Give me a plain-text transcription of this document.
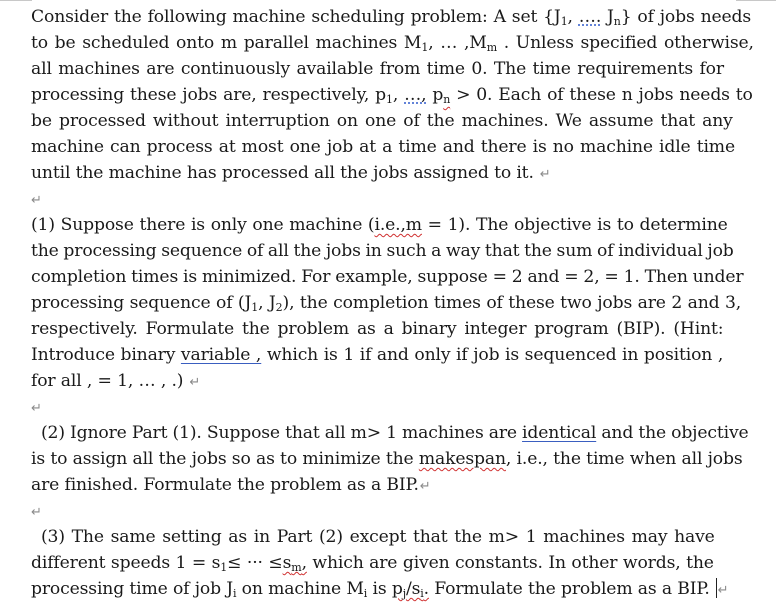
Consider the following machine scheduling problem: A set {$J_1$, …. $J_n$} of jobs needs
to be scheduled onto m parallel machines $M_1$, … $,M_m$ . Unless specified otherwise,
all machines are continuously available from time 0. The time requirements for
processing these jobs are, respectively, $p_1$, …, $p_n > 0$. Each of these n jobs needs to
be processed without interruption on one of the machines. We assume that any
machine can process at most one job at a time and there is no machine idle time
until the machine has processed all the jobs assigned to it. ↵
↵
(1) Suppose there is only one machine (i.e.,m = 1). The objective is to determine
the processing sequence of all the jobs in such a way that the sum of individual job
completion times is minimized. For example, suppose = 2 and = 2, = 1. Then under
processing sequence of ($J_1$, $J_2$), the completion times of these two jobs are 2 and 3,
respectively. Formulate the problem as a binary integer program (BIP). (Hint:
Introduce binary variable , which is 1 if and only if job is sequenced in position ,
for all , = 1, … , .) ↵
↵
(2) Ignore Part (1). Suppose that all m> 1 machines are identical and the objective
is to assign all the jobs so as to minimize the makespan, i.e., the time when all jobs
are finished. Formulate the problem as a BIP.↵
↵
(3) The same setting as in Part (2) except that the m> 1 machines may have
different speeds $1 = s_1\le$ ··· $\le s_m$, which are given constants. In other words, the
processing time of job $J_i$ on machine $M_i$ is $p_j/s_i$. Formulate the problem as a BIP. ↵
